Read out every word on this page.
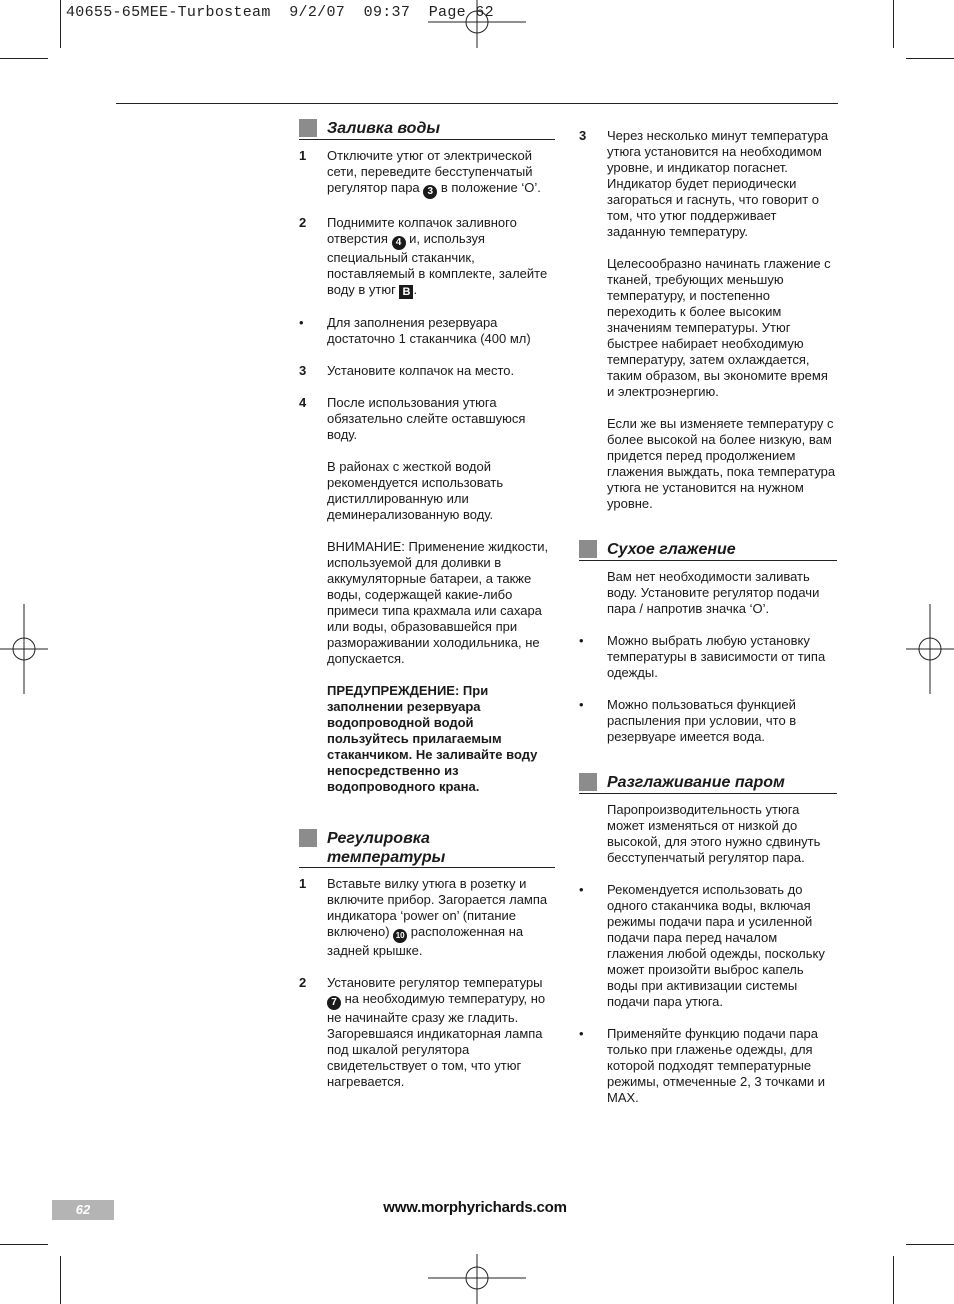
40655-65MEE-Turbosteam  9/2/07  09:37  Page 62
Заливка воды
1 Отключите утюг от электрической сети, переведите бесступенчатый регулятор пара 3 в положение ‘O’.
2 Поднимите колпачок заливного отверстия 4 и, используя специальный стаканчик, поставляемый в комплекте, залейте воду в утюг B .
• Для заполнения резервуара достаточно 1 стаканчика (400 мл)
3 Установите колпачок на место.
4 После использования утюга обязательно слейте оставшуюся воду.
В районах с жесткой водой рекомендуется использовать дистиллированную или деминерализованную воду.
ВНИМАНИЕ: Применение жидкости, используемой для доливки в аккумуляторные батареи, а также воды, содержащей какие-либо примеси типа крахмала или сахара или воды, образовавшейся при размораживании холодильника, не допускается.
ПРЕДУПРЕЖДЕНИЕ: При заполнении резервуара водопроводной водой пользуйтесь прилагаемым стаканчиком. Не заливайте воду непосредственно из водопроводного крана.
Регулировка
температуры
1 Вставьте вилку утюга в розетку и включите прибор. Загорается лампа индикатора ‘power on’ (питание включено) 10 расположенная на задней крышке.
2 Установите регулятор температуры 7 на необходимую температуру, но не начинайте сразу же гладить. Загоревшаяся индикаторная лампа под шкалой регулятора свидетельствует о том, что утюг нагревается.
3 Через несколько минут температура утюга установится на необходимом уровне, и индикатор погаснет. Индикатор будет периодически загораться и гаснуть, что говорит о том, что утюг поддерживает заданную температуру.
Целесообразно начинать глажение с тканей, требующих меньшую температуру, и постепенно переходить к более высоким значениям температуры. Утюг быстрее набирает необходимую температуру, затем охлаждается, таким образом, вы экономите время и электроэнергию.
Если же вы изменяете температуру с более высокой на более низкую, вам придется перед продолжением глажения выждать, пока температура утюга не установится на нужном уровне.
Сухое глажение
Вам нет необходимости заливать воду. Установите регулятор подачи пара / напротив значка ‘O’.
• Можно выбрать любую установку температуры в зависимости от типа одежды.
• Можно пользоваться функцией распыления при условии, что в резервуаре имеется вода.
Разглаживание паром
Паропроизводительность утюга может изменяться от низкой до высокой, для этого нужно сдвинуть бесступенчатый регулятор пара.
• Рекомендуется использовать до одного стаканчика воды, включая режимы подачи пара и усиленной подачи пара перед началом глажения любой одежды, поскольку может произойти выброс капель воды при активизации системы подачи пара утюга.
• Применяйте функцию подачи пара только при глаженье одежды, для которой подходят температурные режимы, отмеченные 2, 3 точками и MAX.
62	www.morphyrichards.com
